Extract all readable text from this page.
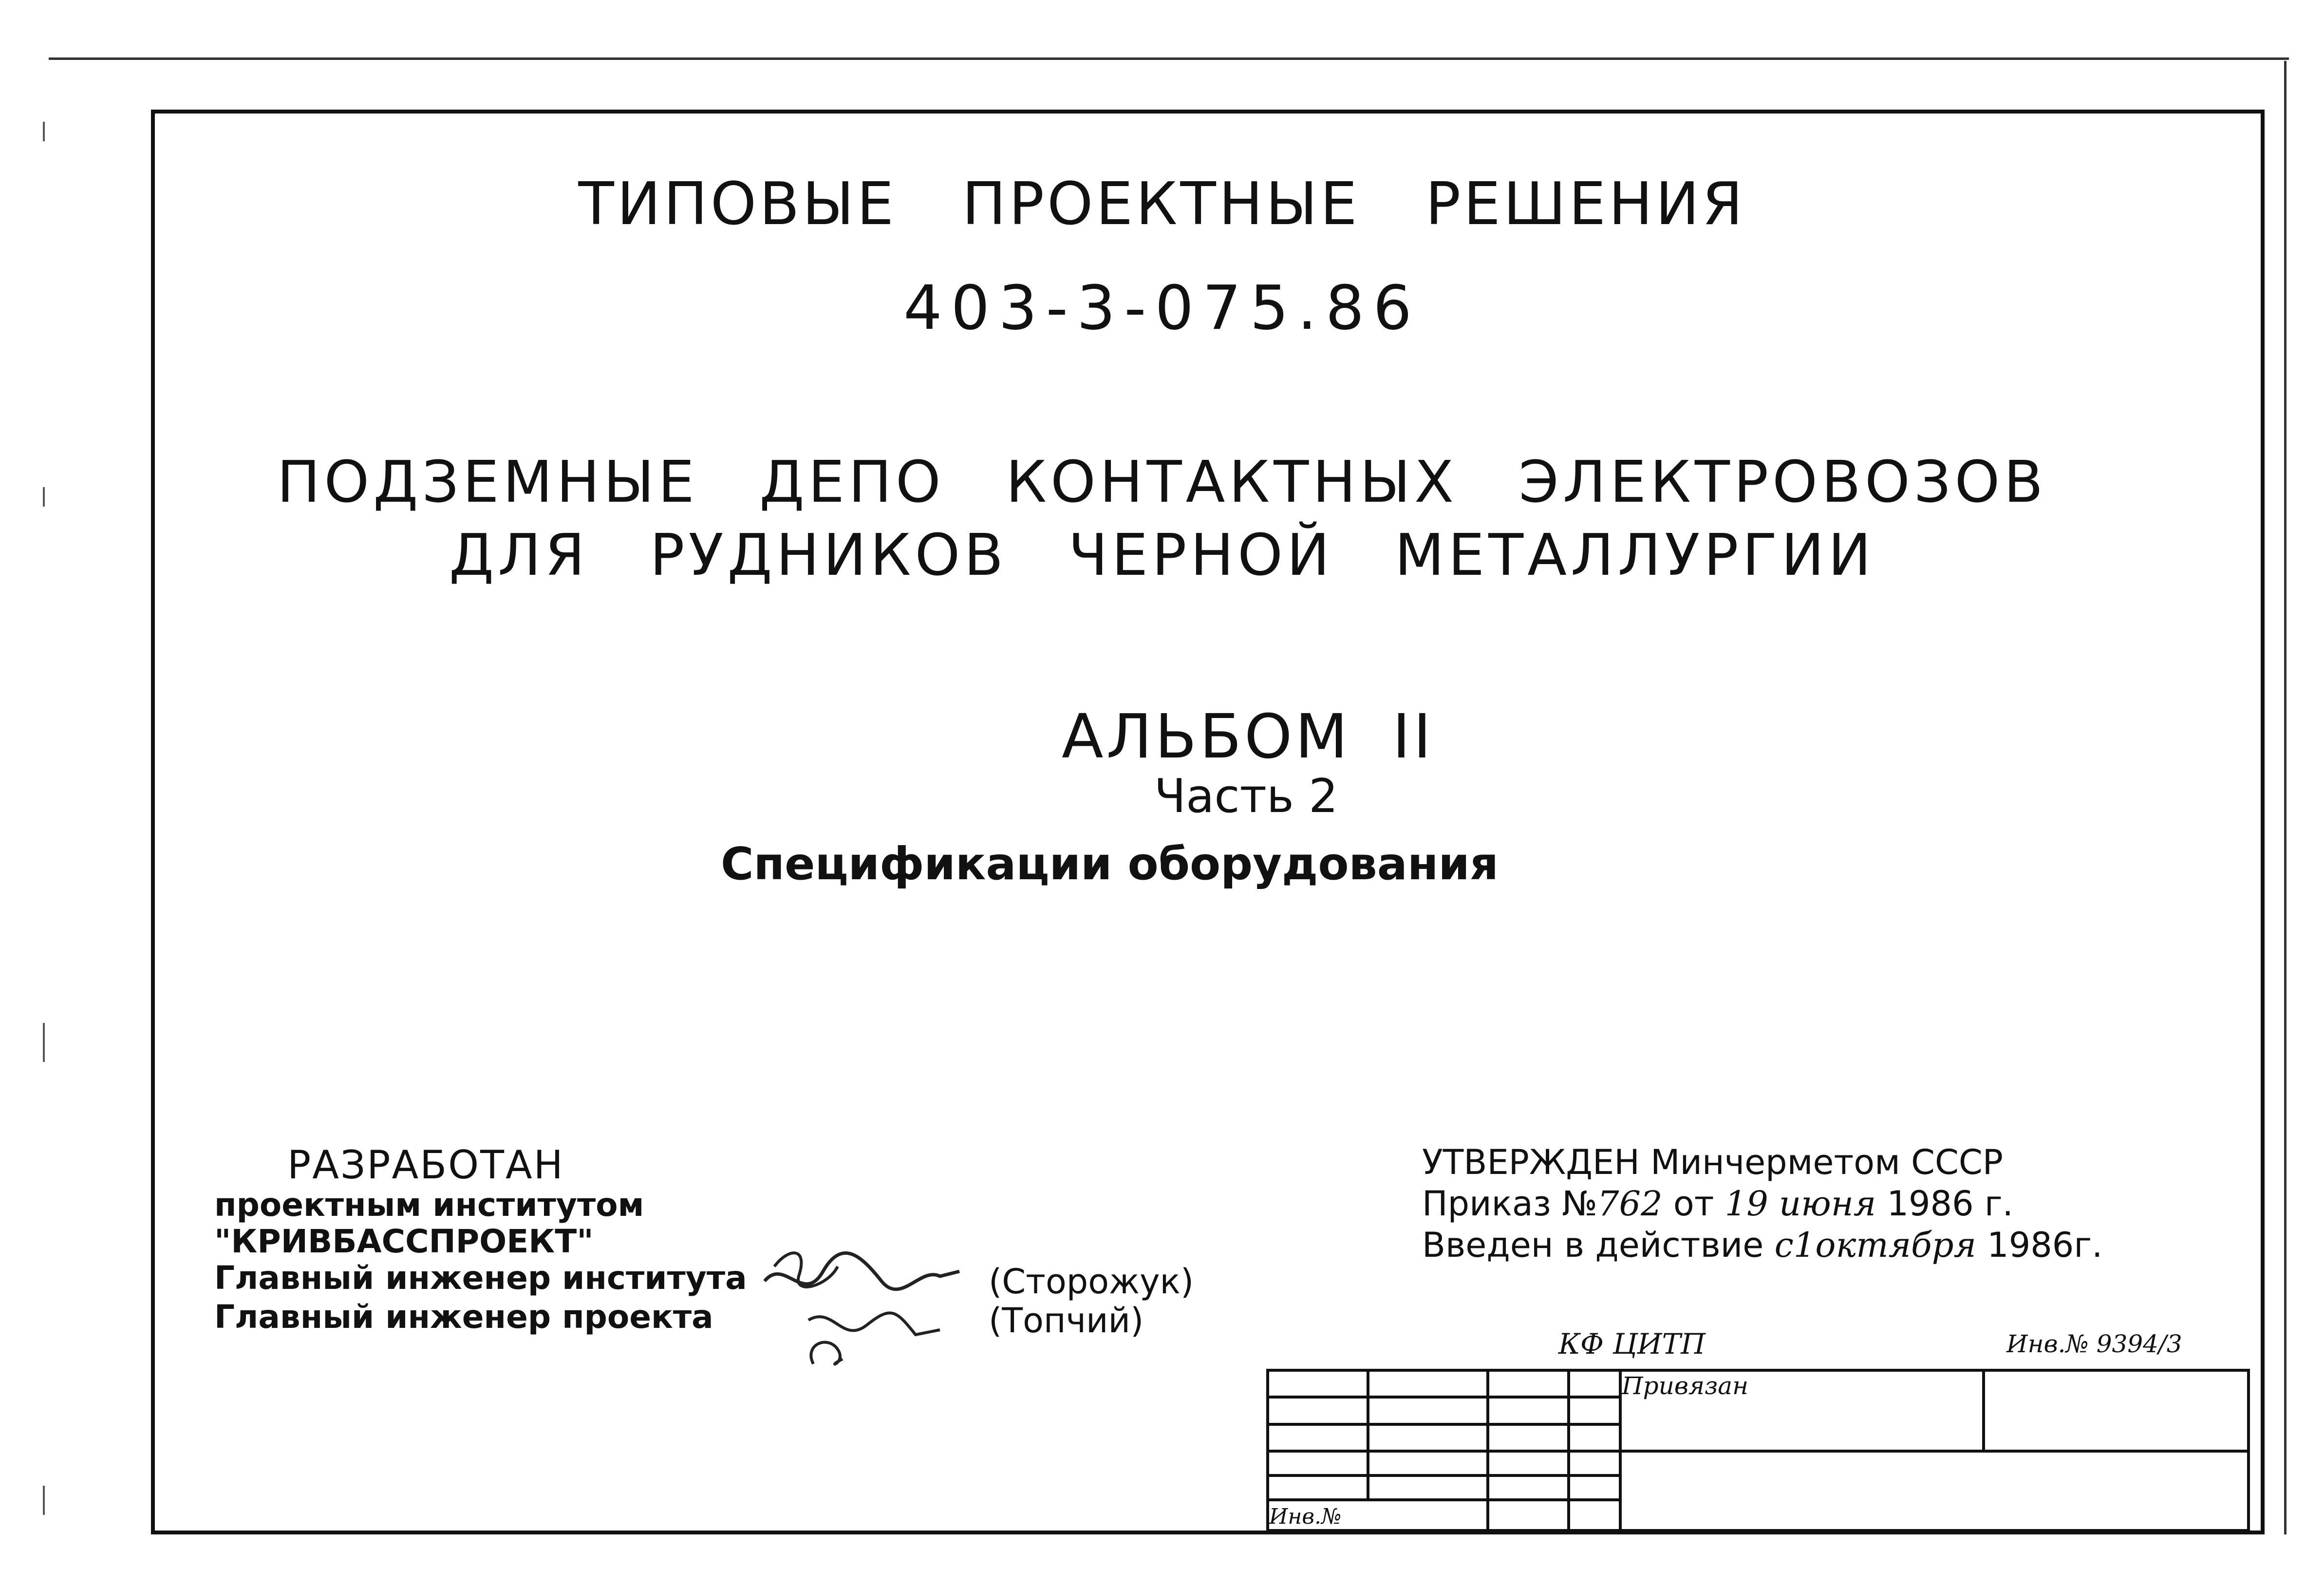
ТИПОВЫЕ ПРОЕКТНЫЕ РЕШЕНИЯ
403-3-075.86
ПОДЗЕМНЫЕ ДЕПО КОНТАКТНЫХ ЭЛЕКТРОВОЗОВ
ДЛЯ РУДНИКОВ ЧЕРНОЙ МЕТАЛЛУРГИИ
АЛЬБОМ II
Часть 2
Спецификации оборудования
РАЗРАБОТАН
проектным институтом
"КРИВБАССПРОЕКТ"
Главный инженер института
Главный инженер проекта
(Сторожук)
(Топчий)
УТВЕРЖДЕН Минчерметом СССР
Приказ №762 от 19 июня 1986 г.
Введен в действие с1октября 1986г.
КФ ЦИТП	Инв.№ 9394/3
				Привязан	

Инв.№					
